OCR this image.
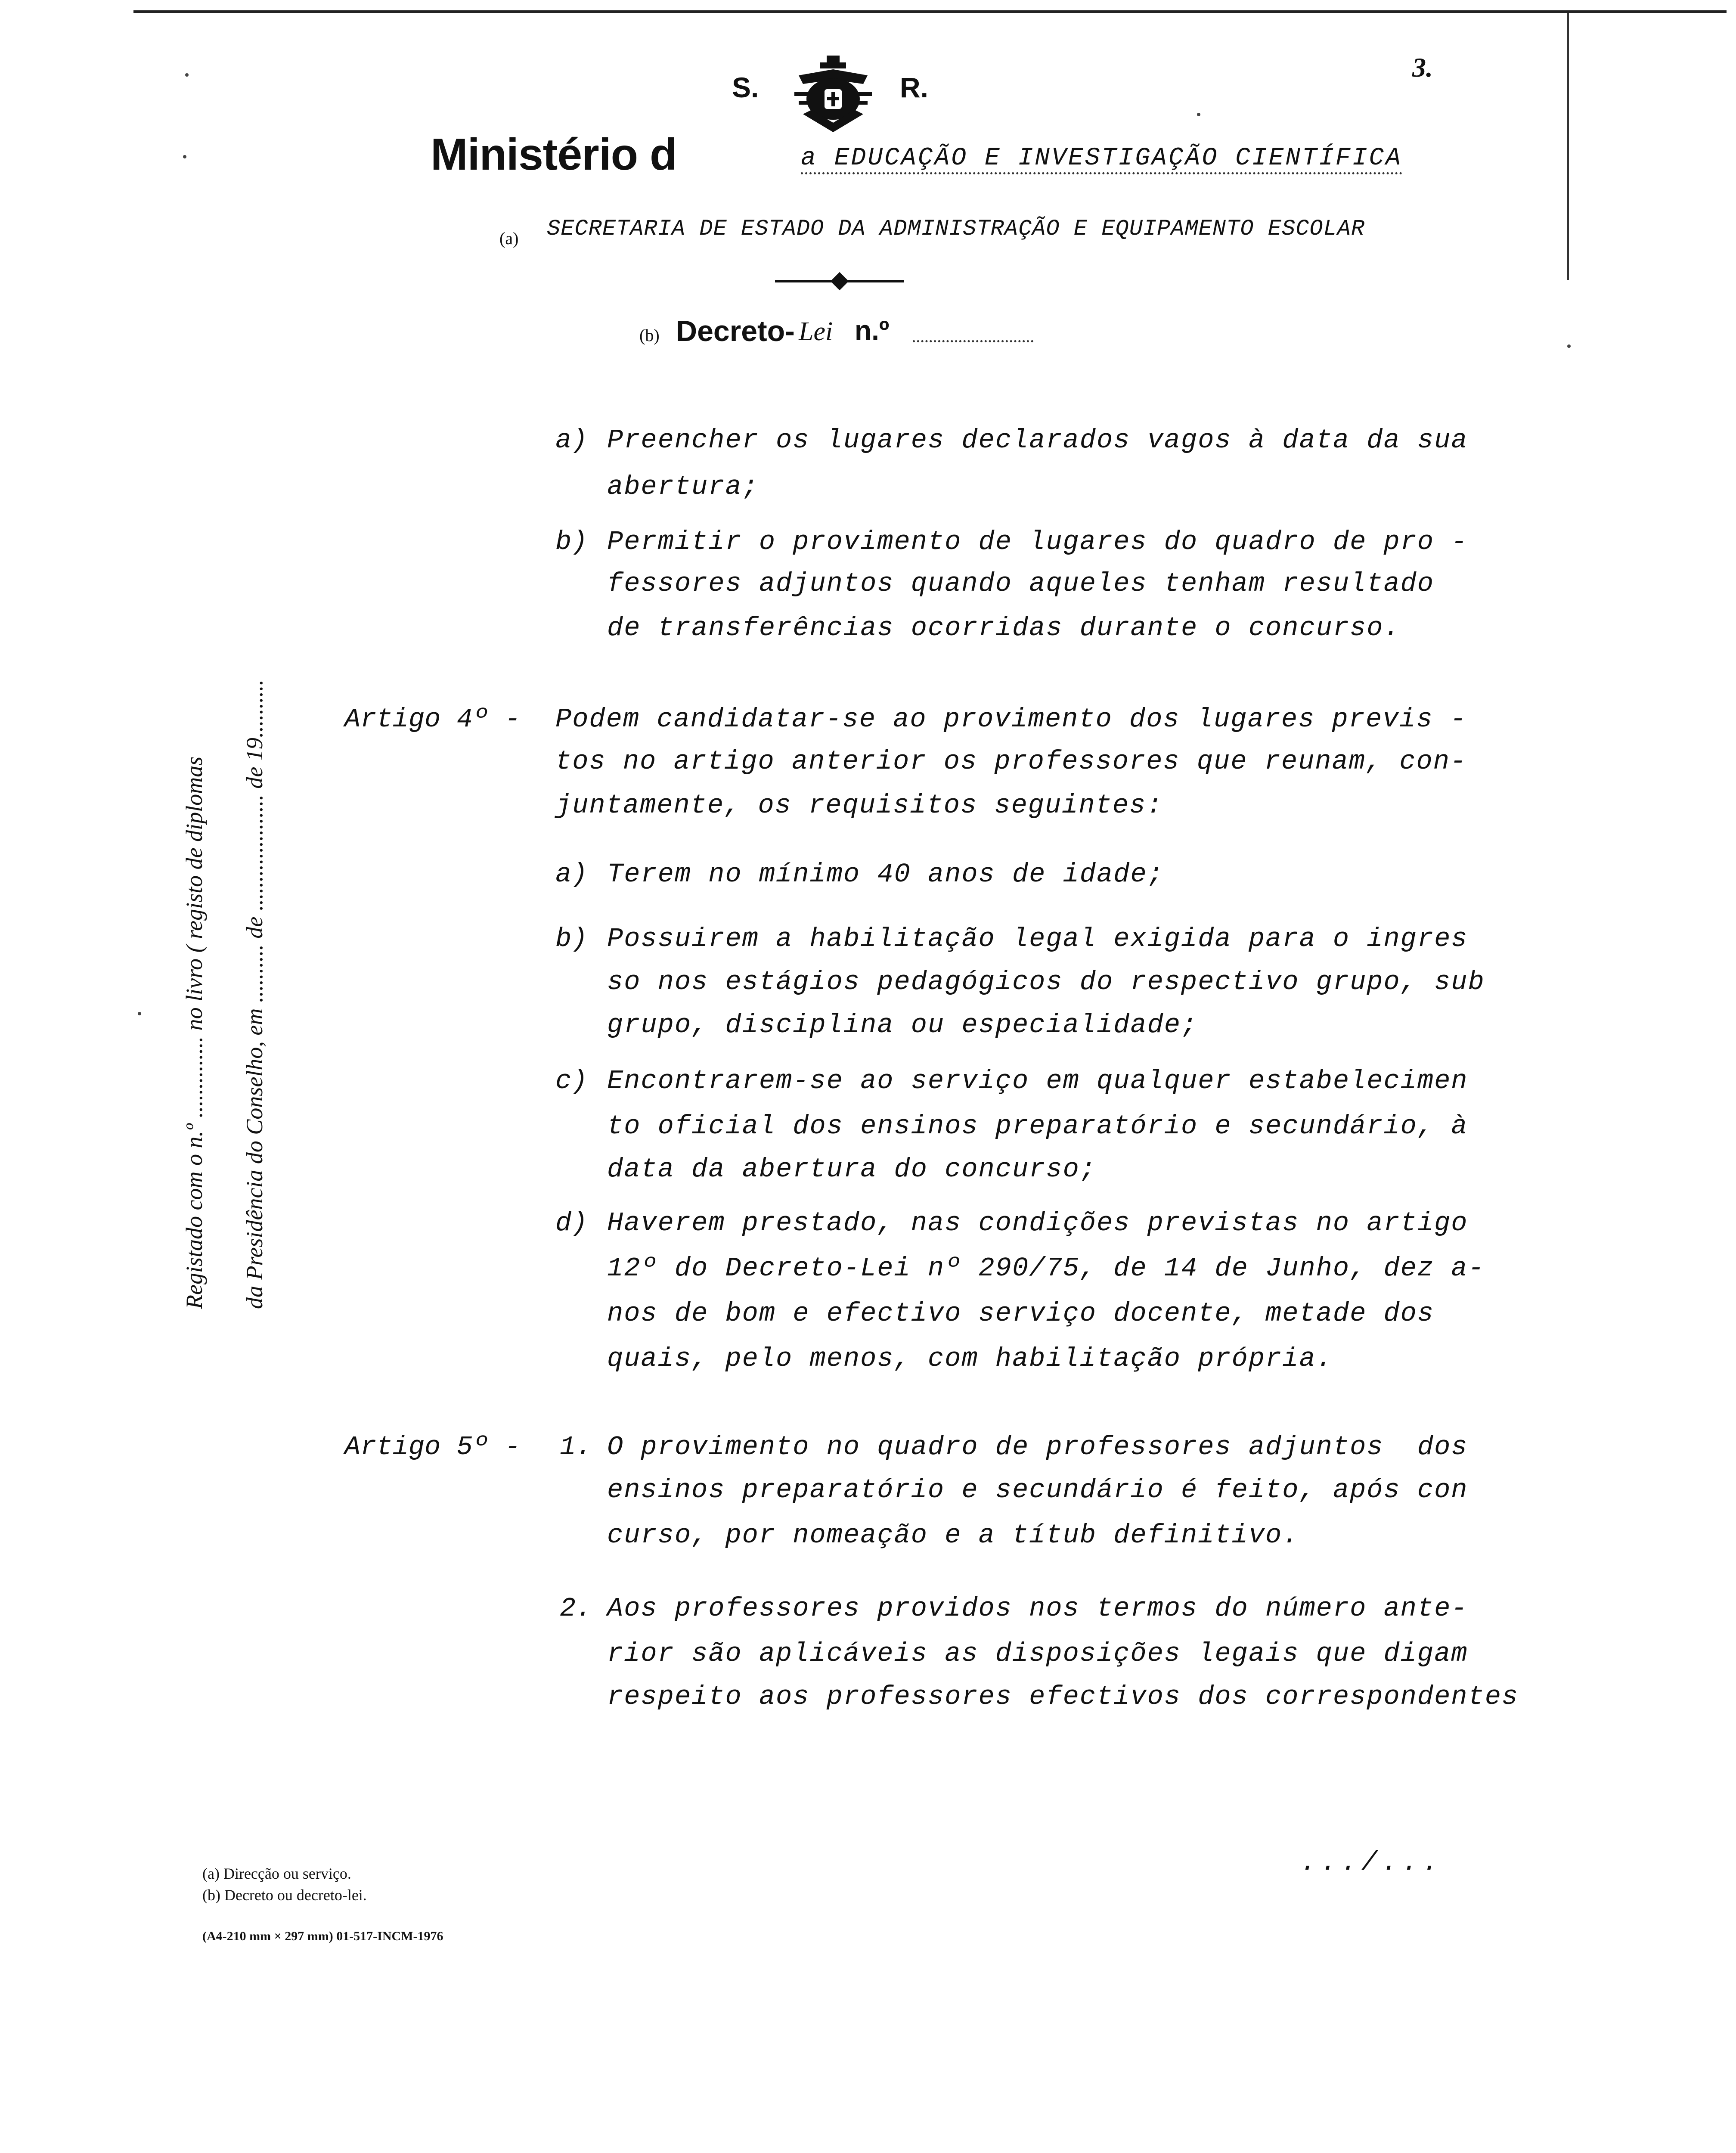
S.	R.
3.
Ministério d	a EDUCAÇÃO E INVESTIGAÇÃO CIENTÍFICA
(a) SECRETARIA DE ESTADO DA ADMINISTRAÇÃO E EQUIPAMENTO ESCOLAR
(b) Decreto- Lei n.º
Registado com o n.º .............. no livro ( registo de diplomas da Presidência do Conselho, em .......... de .................... de 19..........
a) Preencher os lugares declarados vagos à data da sua
abertura;
b) Permitir o provimento de lugares do quadro de pro -
fessores adjuntos quando aqueles tenham resultado
de transferências ocorridas durante o concurso.
Artigo 4º - Podem candidatar-se ao provimento dos lugares previs -
tos no artigo anterior os professores que reunam, con-
juntamente, os requisitos seguintes:
a) Terem no mínimo 40 anos de idade;
b) Possuirem a habilitação legal exigida para o ingres
so nos estágios pedagógicos do respectivo grupo, sub
grupo, disciplina ou especialidade;
c) Encontrarem-se ao serviço em qualquer estabelecimen
to oficial dos ensinos preparatório e secundário, à
data da abertura do concurso;
d) Haverem prestado, nas condições previstas no artigo
12º do Decreto-Lei nº 290/75, de 14 de Junho, dez a-
nos de bom e efectivo serviço docente, metade dos
quais, pelo menos, com habilitação própria.
Artigo 5º - 1. O provimento no quadro de professores adjuntos  dos
ensinos preparatório e secundário é feito, após con
curso, por nomeação e a títub definitivo.
2. Aos professores providos nos termos do número ante-
rior são aplicáveis as disposições legais que digam
respeito aos professores efectivos dos correspondentes
.../...
(a) Direcção ou serviço.
(b) Decreto ou decreto-lei.
(A4-210 mm × 297 mm) 01-517-INCM-1976
